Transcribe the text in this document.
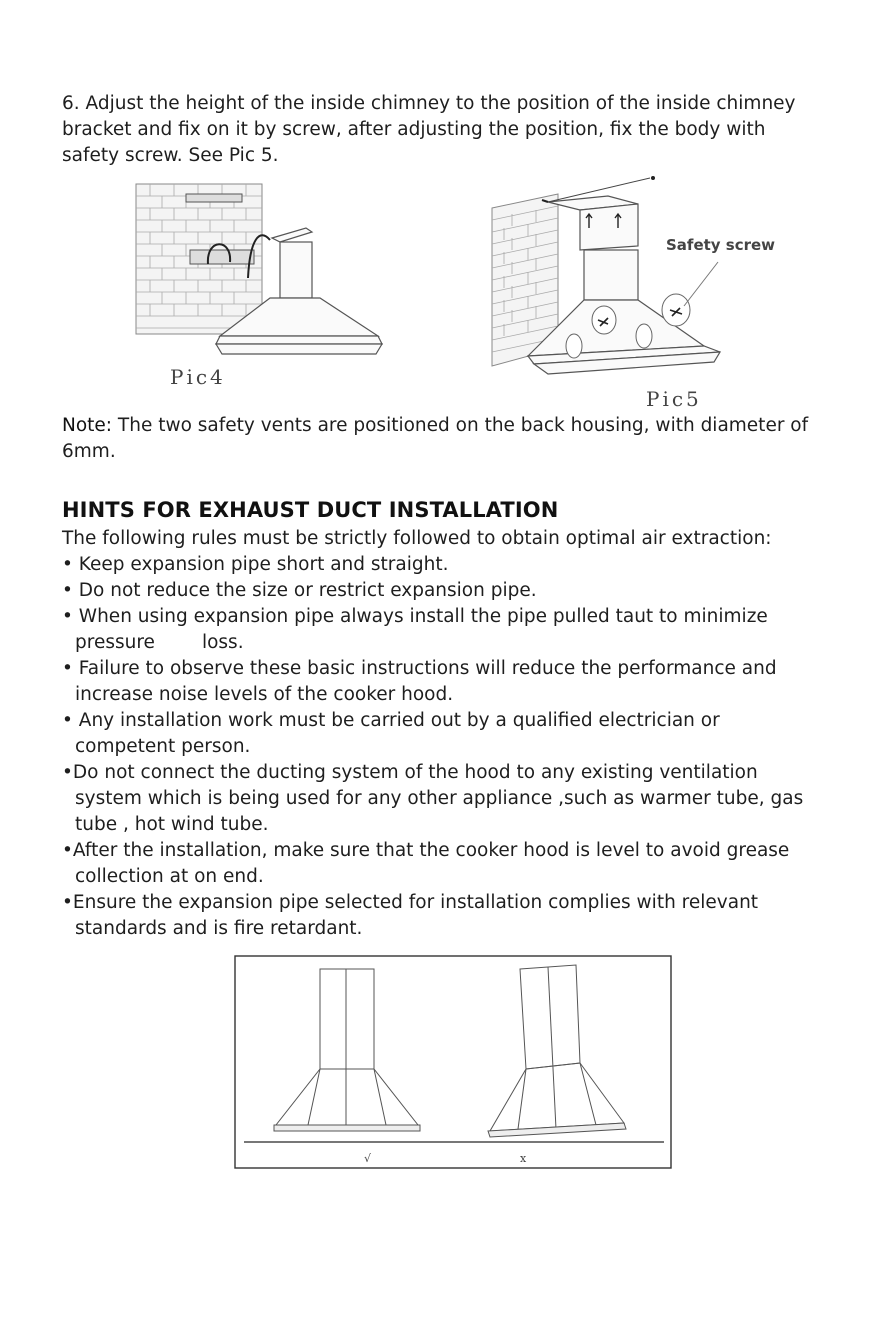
6. Adjust the height of the inside chimney to the position of the inside chimney
bracket and fix on it by screw, after adjusting the position, fix the body with
safety screw. See Pic 5.
Pic4
Safety screw
Pic5
Note: The two safety vents are positioned on the back housing, with diameter of
6mm.
HINTS FOR EXHAUST DUCT INSTALLATION
The following rules must be strictly followed to obtain optimal air extraction:
• Keep expansion pipe short and straight.
• Do not reduce the size or restrict expansion pipe.
• When using expansion pipe always install the pipe pulled taut to minimize
pressure        loss.
• Failure to observe these basic instructions will reduce the performance and
increase noise levels of the cooker hood.
• Any installation work must be carried out by a qualified electrician or
competent person.
•Do not connect the ducting system of the hood to any existing ventilation
system which is being used for any other appliance ,such as warmer tube, gas
tube , hot wind tube.
•After the installation, make sure that the cooker hood is level to avoid grease
collection at on end.
•Ensure the expansion pipe selected for installation complies with relevant
standards and is fire retardant.
√	x
